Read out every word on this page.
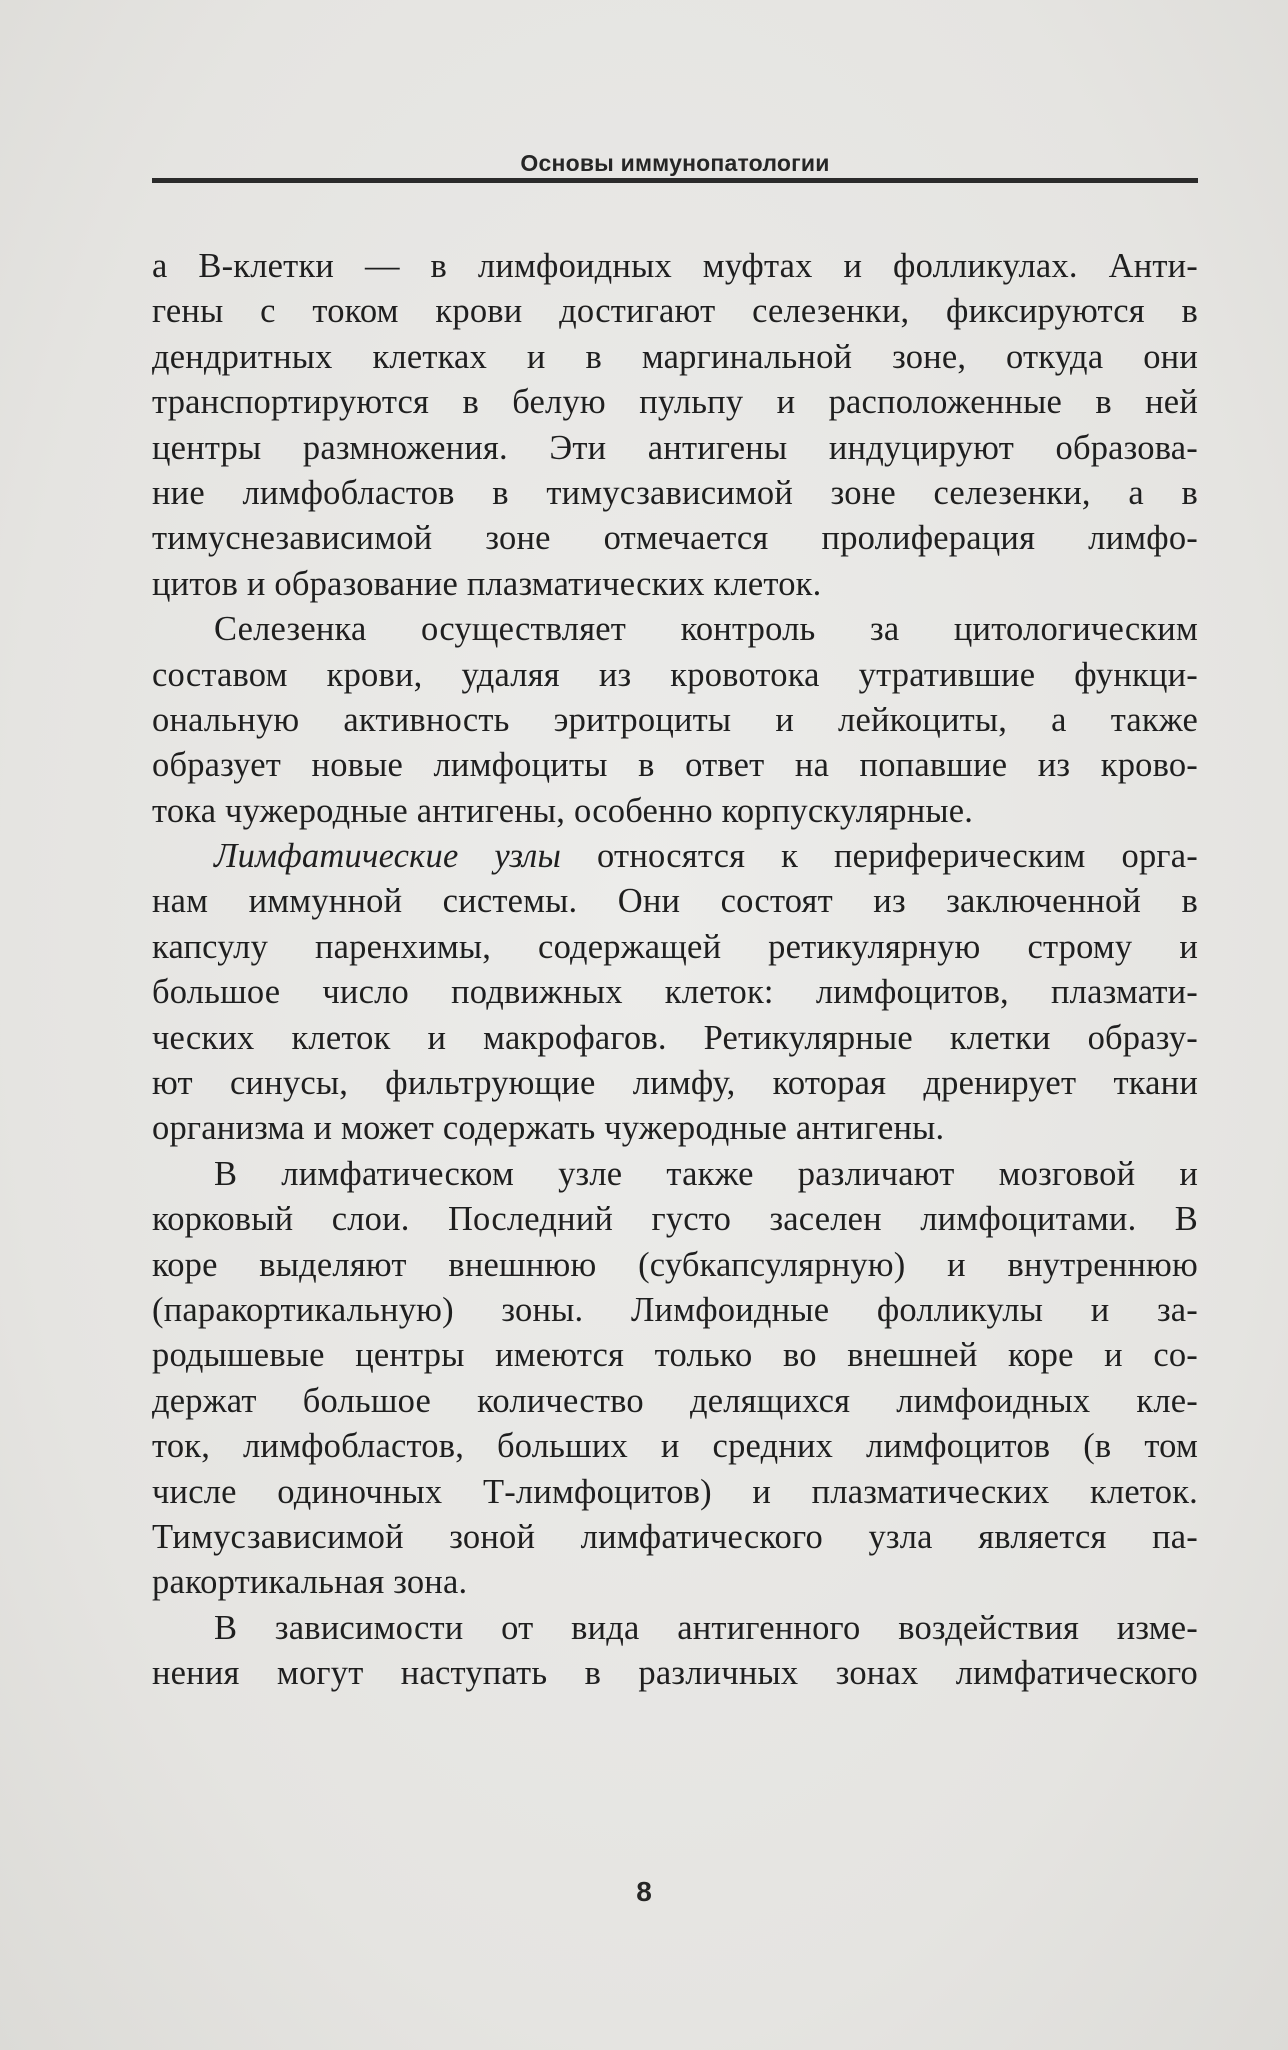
Основы иммунопатологии
а В-клетки — в лимфоидных муфтах и фолликулах. Анти-
гены с током крови достигают селезенки, фиксируются в
дендритных клетках и в маргинальной зоне, откуда они
транспортируются в белую пульпу и расположенные в ней
центры размножения. Эти антигены индуцируют образова-
ние лимфобластов в тимусзависимой зоне селезенки, а в
тимуснезависимой зоне отмечается пролиферация лимфо-
цитов и образование плазматических клеток.
Селезенка осуществляет контроль за цитологическим
составом крови, удаляя из кровотока утратившие функци-
ональную активность эритроциты и лейкоциты, а также
образует новые лимфоциты в ответ на попавшие из крово-
тока чужеродные антигены, особенно корпускулярные.
Лимфатические узлы относятся к периферическим орга-
нам иммунной системы. Они состоят из заключенной в
капсулу паренхимы, содержащей ретикулярную строму и
большое число подвижных клеток: лимфоцитов, плазмати-
ческих клеток и макрофагов. Ретикулярные клетки образу-
ют синусы, фильтрующие лимфу, которая дренирует ткани
организма и может содержать чужеродные антигены.
В лимфатическом узле также различают мозговой и
корковый слои. Последний густо заселен лимфоцитами. В
коре выделяют внешнюю (субкапсулярную) и внутреннюю
(паракортикальную) зоны. Лимфоидные фолликулы и за-
родышевые центры имеются только во внешней коре и со-
держат большое количество делящихся лимфоидных кле-
ток, лимфобластов, больших и средних лимфоцитов (в том
числе одиночных Т-лимфоцитов) и плазматических клеток.
Тимусзависимой зоной лимфатического узла является па-
ракортикальная зона.
В зависимости от вида антигенного воздействия изме-
нения могут наступать в различных зонах лимфатического
8
